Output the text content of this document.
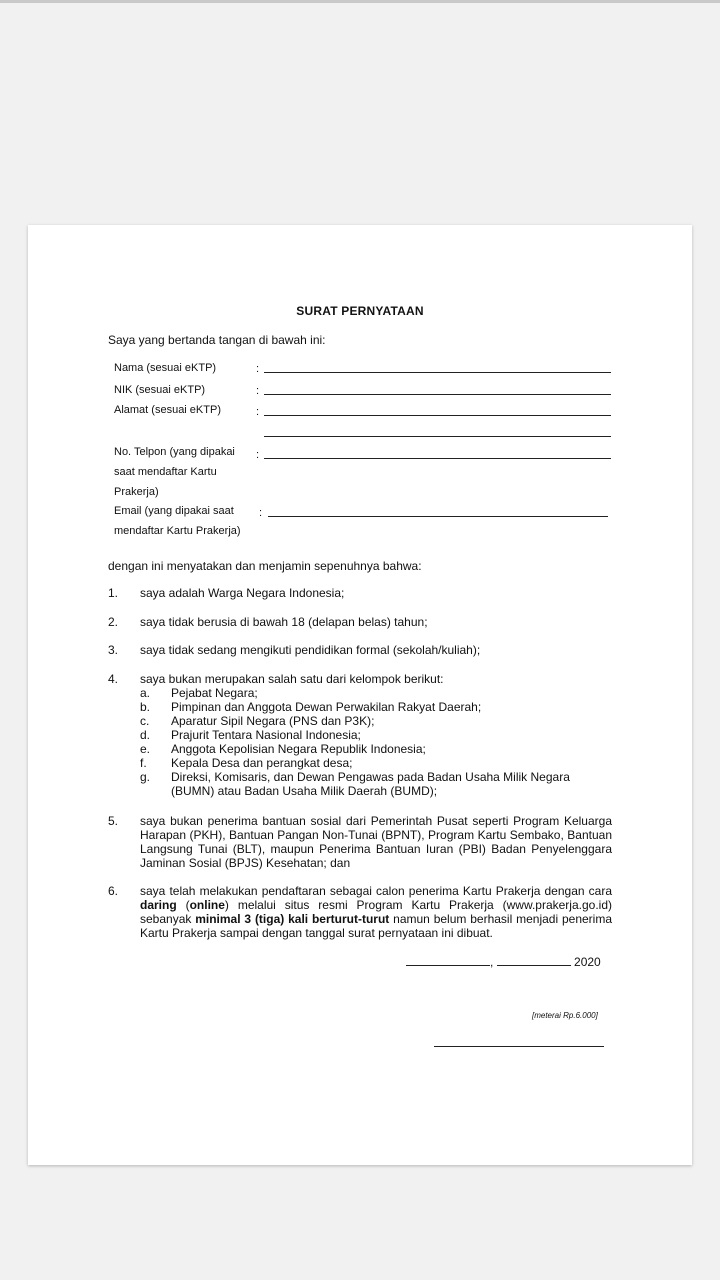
SURAT PERNYATAAN
Saya yang bertanda tangan di bawah ini:
Nama (sesuai eKTP)	:
NIK (sesuai eKTP)	:
Alamat (sesuai eKTP)	:
No. Telpon (yang dipakai
saat mendaftar Kartu
Prakerja)
:
Email (yang dipakai saat
mendaftar Kartu Prakerja)
:
dengan ini menyatakan dan menjamin sepenuhnya bahwa:
1. saya adalah Warga Negara Indonesia;
2. saya tidak berusia di bawah 18 (delapan belas) tahun;
3. saya tidak sedang mengikuti pendidikan formal (sekolah/kuliah);
4. saya bukan merupakan salah satu dari kelompok berikut:
a. Pejabat Negara;
b. Pimpinan dan Anggota Dewan Perwakilan Rakyat Daerah;
c. Aparatur Sipil Negara (PNS dan P3K);
d. Prajurit Tentara Nasional Indonesia;
e. Anggota Kepolisian Negara Republik Indonesia;
f. Kepala Desa dan perangkat desa;
g. Direksi, Komisaris, dan Dewan Pengawas pada Badan Usaha Milik Negara (BUMN) atau Badan Usaha Milik Daerah (BUMD);
5. saya bukan penerima bantuan sosial dari Pemerintah Pusat seperti Program Keluarga Harapan (PKH), Bantuan Pangan Non-Tunai (BPNT), Program Kartu Sembako, Bantuan Langsung Tunai (BLT), maupun Penerima Bantuan Iuran (PBI) Badan Penyelenggara Jaminan Sosial (BPJS) Kesehatan; dan
6. saya telah melakukan pendaftaran sebagai calon penerima Kartu Prakerja dengan cara daring (online) melalui situs resmi Program Kartu Prakerja (www.prakerja.go.id) sebanyak minimal 3 (tiga) kali berturut-turut namun belum berhasil menjadi penerima Kartu Prakerja sampai dengan tanggal surat pernyataan ini dibuat.
,	2020
[meterai Rp.6.000]
